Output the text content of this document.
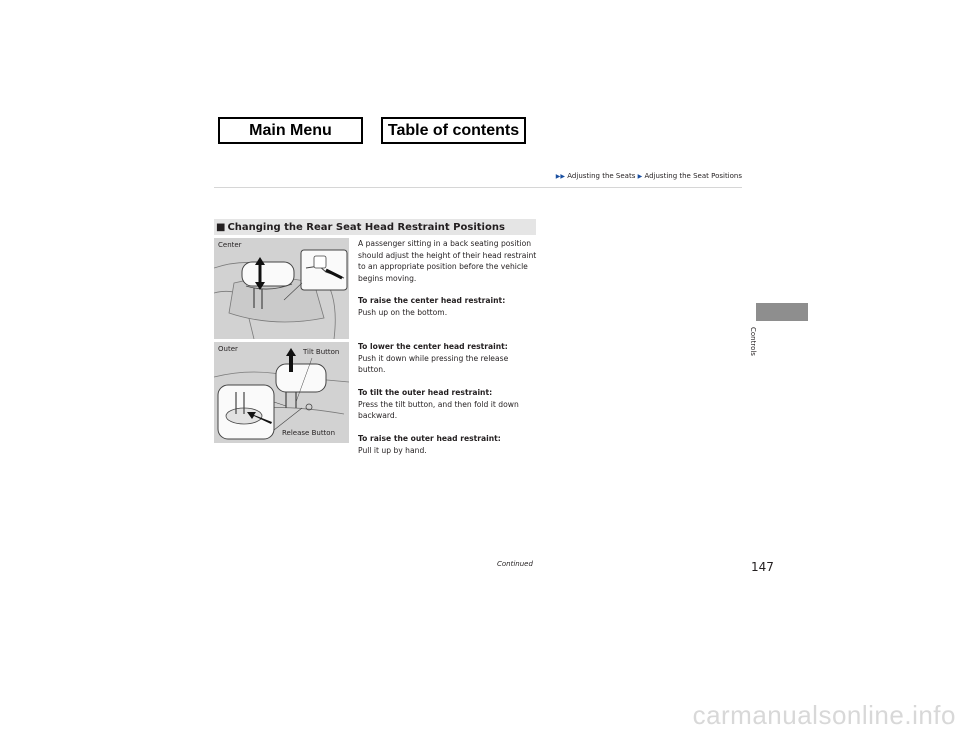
Main Menu	Table of contents
▶▶ Adjusting the Seats ▶ Adjusting the Seat Positions
■ Changing the Rear Seat Head Restraint Positions
Center
Outer	Tilt Button
Release Button

A passenger sitting in a back seating position should adjust the height of their head restraint to an appropriate position before the vehicle begins moving.

To raise the center head restraint:

Push up on the bottom.

To lower the center head restraint:

Push it down while pressing the release button.

To tilt the outer head restraint:

Press the tilt button, and then fold it down backward.

To raise the outer head restraint:

Pull it up by hand.

Controls
Continued	147
carmanualsonline.info
